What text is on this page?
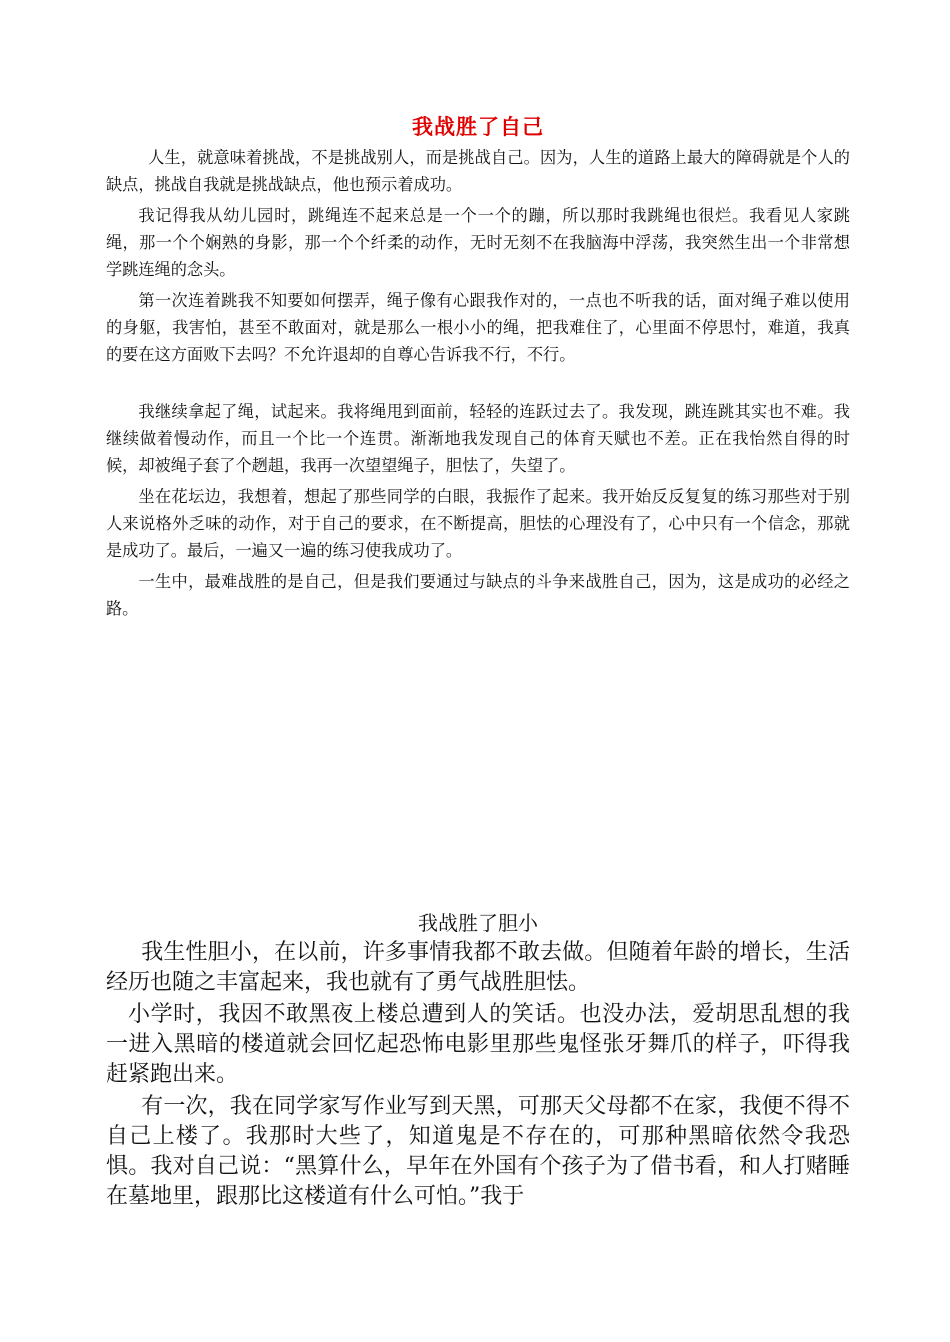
我战胜了自己

人生，就意味着挑战，不是挑战别人，而是挑战自己。因为，人生的道路上最大的障碍就是个人的缺点，挑战自我就是挑战缺点，他也预示着成功。

我记得我从幼儿园时，跳绳连不起来总是一个一个的蹦，所以那时我跳绳也很烂。我看见人家跳绳，那一个个娴熟的身影，那一个个纤柔的动作，无时无刻不在我脑海中浮荡，我突然生出一个非常想学跳连绳的念头。

第一次连着跳我不知要如何摆弄，绳子像有心跟我作对的，一点也不听我的话，面对绳子难以使用的身躯，我害怕，甚至不敢面对，就是那么一根小小的绳，把我难住了，心里面不停思忖，难道，我真的要在这方面败下去吗？不允许退却的自尊心告诉我不行，不行。

我继续拿起了绳，试起来。我将绳甩到面前，轻轻的连跃过去了。我发现，跳连跳其实也不难。我继续做着慢动作，而且一个比一个连贯。渐渐地我发现自己的体育天赋也不差。正在我怡然自得的时候，却被绳子套了个趔趄，我再一次望望绳子，胆怯了，失望了。

坐在花坛边，我想着，想起了那些同学的白眼，我振作了起来。我开始反反复复的练习那些对于别人来说格外乏味的动作，对于自己的要求，在不断提高，胆怯的心理没有了，心中只有一个信念，那就是成功了。最后，一遍又一遍的练习使我成功了。

一生中，最难战胜的是自己，但是我们要通过与缺点的斗争来战胜自己，因为，这是成功的必经之路。

我战胜了胆小

我生性胆小，在以前，许多事情我都不敢去做。但随着年龄的增长，生活经历也随之丰富起来，我也就有了勇气战胜胆怯。

小学时，我因不敢黑夜上楼总遭到人的笑话。也没办法，爱胡思乱想的我一进入黑暗的楼道就会回忆起恐怖电影里那些鬼怪张牙舞爪的样子，吓得我赶紧跑出来。

有一次，我在同学家写作业写到天黑，可那天父母都不在家，我便不得不自己上楼了。我那时大些了，知道鬼是不存在的，可那种黑暗依然令我恐惧。我对自己说：“黑算什么，早年在外国有个孩子为了借书看，和人打赌睡在墓地里，跟那比这楼道有什么可怕。”我于
